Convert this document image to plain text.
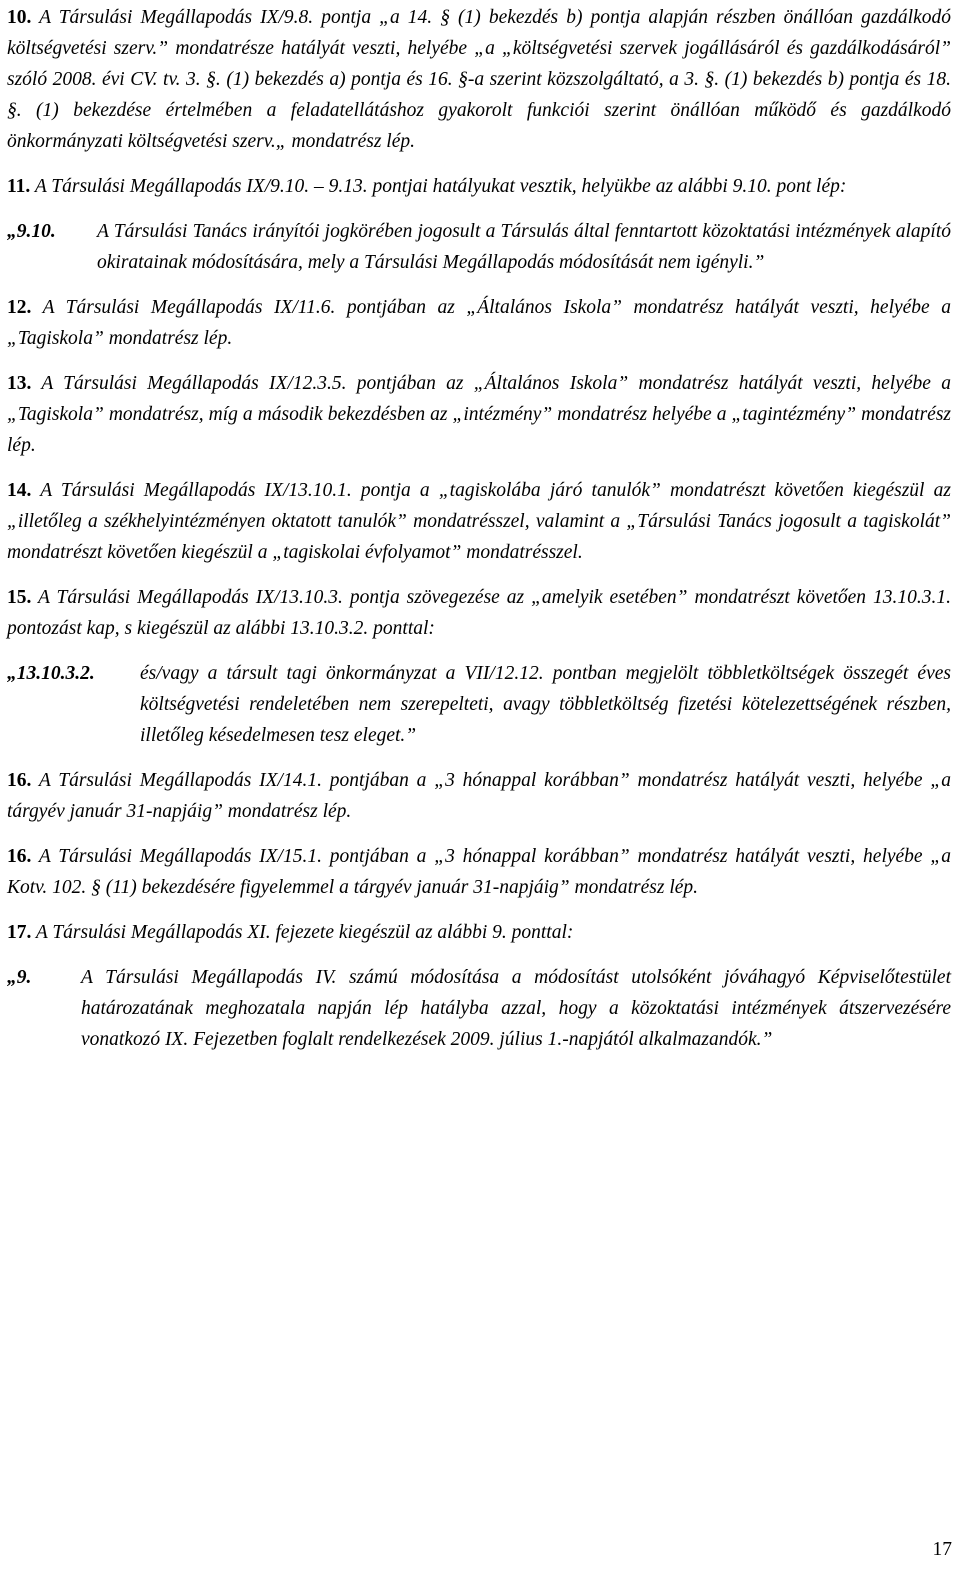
10. A Társulási Megállapodás IX/9.8. pontja „a 14. § (1) bekezdés b) pontja alapján részben önállóan gazdálkodó költségvetési szerv.” mondatrésze hatályát veszti, helyébe „a „költségvetési szervek jogállásáról és gazdálkodásáról” szóló 2008. évi CV. tv. 3. §. (1) bekezdés a) pontja és 16. §-a szerint közszolgáltató, a 3. §. (1) bekezdés b) pontja és 18. §. (1) bekezdése értelmében a feladatellátáshoz gyakorolt funkciói szerint önállóan működő és gazdálkodó önkormányzati költségvetési szerv.„ mondatrész lép.

11. A Társulási Megállapodás IX/9.10. – 9.13. pontjai hatályukat vesztik, helyükbe az alábbi 9.10. pont lép:

„9.10.	A Társulási Tanács irányítói jogkörében jogosult a Társulás által fenntartott közoktatási intézmények alapító okiratainak módosítására, mely a Társulási Megállapodás módosítását nem igényli.”

12. A Társulási Megállapodás IX/11.6. pontjában az „Általános Iskola” mondatrész hatályát veszti, helyébe a „Tagiskola” mondatrész lép.

13. A Társulási Megállapodás IX/12.3.5. pontjában az „Általános Iskola” mondatrész hatályát veszti, helyébe a „Tagiskola” mondatrész, míg a második bekezdésben az „intézmény” mondatrész helyébe a „tagintézmény” mondatrész lép.

14. A Társulási Megállapodás IX/13.10.1. pontja a „tagiskolába járó tanulók” mondatrészt követően kiegészül az „illetőleg a székhelyintézményen oktatott tanulók” mondatrésszel, valamint a „Társulási Tanács jogosult a tagiskolát” mondatrészt követően kiegészül a „tagiskolai évfolyamot” mondatrésszel.

15. A Társulási Megállapodás IX/13.10.3. pontja szövegezése az „amelyik esetében” mondatrészt követően 13.10.3.1. pontozást kap, s kiegészül az alábbi 13.10.3.2. ponttal:

„13.10.3.2.	és/vagy a társult tagi önkormányzat a VII/12.12. pontban megjelölt többletköltségek összegét éves költségvetési rendeletében nem szerepelteti, avagy többletköltség fizetési kötelezettségének részben, illetőleg késedelmesen tesz eleget.”

16. A Társulási Megállapodás IX/14.1. pontjában a „3 hónappal korábban” mondatrész hatályát veszti, helyébe „a tárgyév január 31-napjáig” mondatrész lép.

16. A Társulási Megállapodás IX/15.1. pontjában a „3 hónappal korábban” mondatrész hatályát veszti, helyébe „a Kotv. 102. § (11) bekezdésére figyelemmel a tárgyév január 31-napjáig” mondatrész lép.

17. A Társulási Megállapodás XI. fejezete kiegészül az alábbi 9. ponttal:

„9.	A Társulási Megállapodás IV. számú módosítása a módosítást utolsóként jóváhagyó Képviselőtestület határozatának meghozatala napján lép hatályba azzal, hogy a közoktatási intézmények átszervezésére vonatkozó IX. Fejezetben foglalt rendelkezések 2009. július 1.-napjától alkalmazandók.”
17
